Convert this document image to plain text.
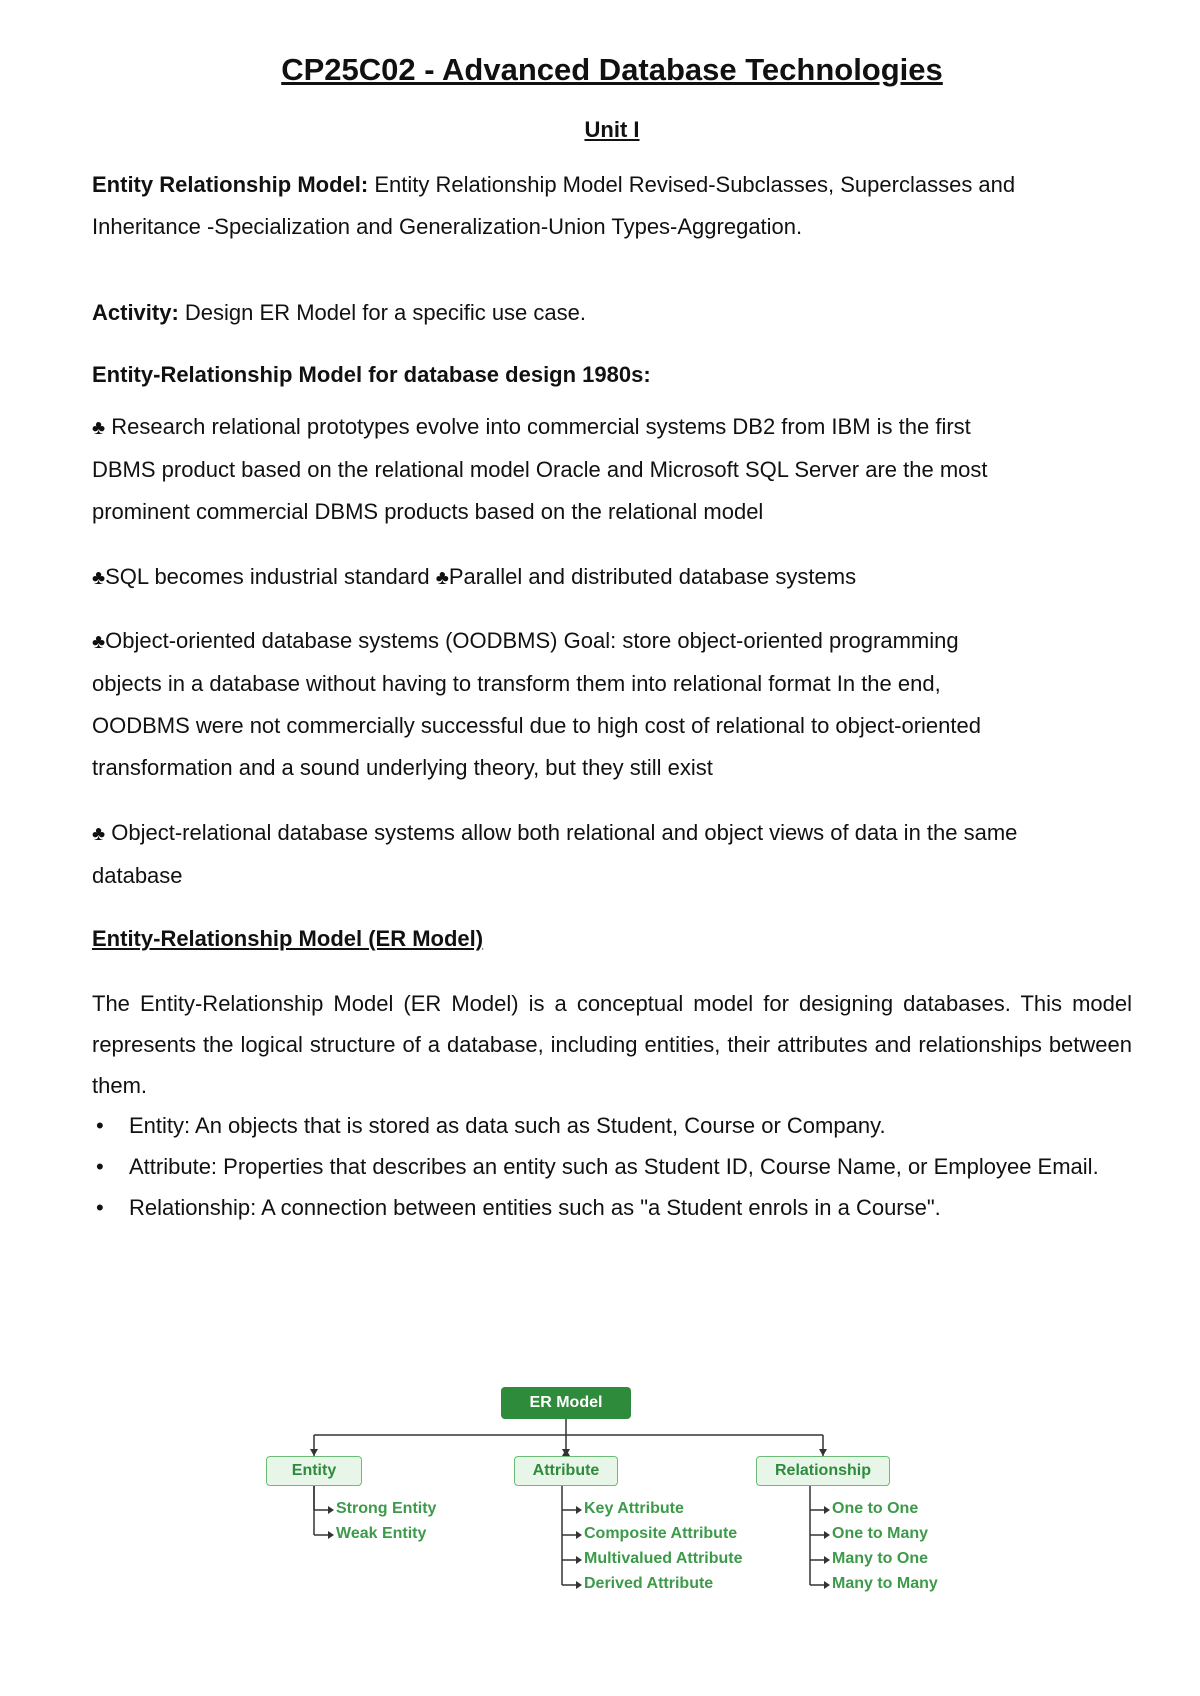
CP25C02 - Advanced Database Technologies
Unit I

Entity Relationship Model: Entity Relationship Model Revised-Subclasses, Superclasses and
Inheritance -Specialization and Generalization-Union Types-Aggregation.

Activity: Design ER Model for a specific use case.

Entity-Relationship Model for database design 1980s:

♣ Research relational prototypes evolve into commercial systems DB2 from IBM is the first
DBMS product based on the relational model Oracle and Microsoft SQL Server are the most
prominent commercial DBMS products based on the relational model

♣SQL becomes industrial standard ♣Parallel and distributed database systems

♣Object-oriented database systems (OODBMS) Goal: store object-oriented programming
objects in a database without having to transform them into relational format In the end,
OODBMS were not commercially successful due to high cost of relational to object-oriented
transformation and a sound underlying theory, but they still exist

♣ Object-relational database systems allow both relational and object views of data in the same
database

Entity-Relationship Model (ER Model)

The Entity-Relationship Model (ER Model) is a conceptual model for designing databases. This model represents the logical structure of a database, including entities, their attributes and relationships between them.

• Entity: An objects that is stored as data such as Student, Course or Company.
• Attribute: Properties that describes an entity such as Student ID, Course Name, or Employee Email.
• Relationship: A connection between entities such as "a Student enrols in a Course".
ER Model
Entity	Attribute	Relationship
Strong Entity
Weak Entity
Key Attribute
Composite Attribute
Multivalued Attribute
Derived Attribute
One to One
One to Many
Many to One
Many to Many
